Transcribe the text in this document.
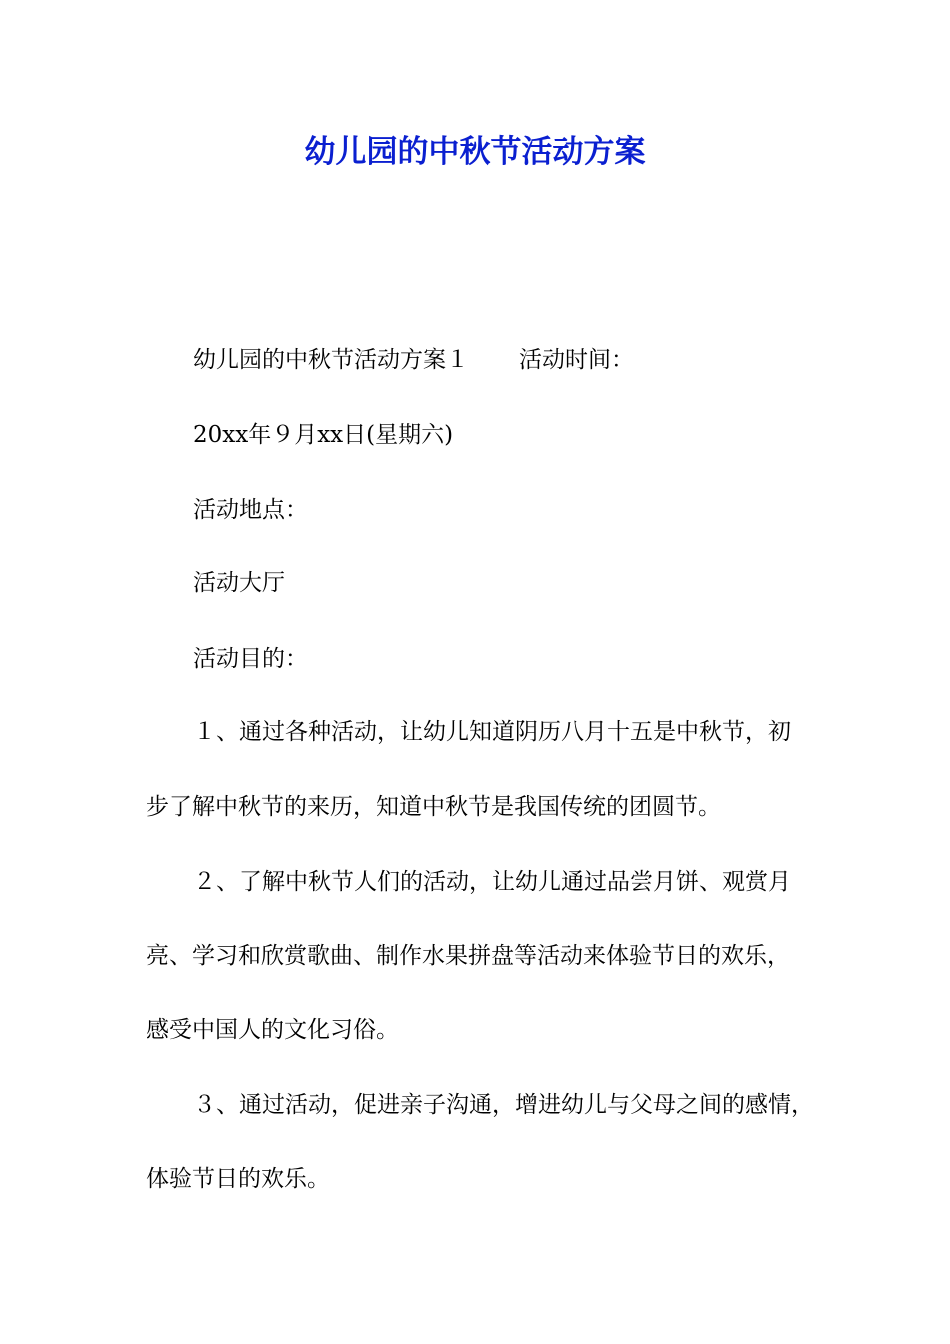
幼儿园的中秋节活动方案

幼儿园的中秋节活动方案１ 活动时间：

20xx年９月xx日(星期六)

活动地点：

活动大厅

活动目的：

１、通过各种活动，让幼儿知道阴历八月十五是中秋节，初

步了解中秋节的来历，知道中秋节是我国传统的团圆节。

２、了解中秋节人们的活动，让幼儿通过品尝月饼、观赏月

亮、学习和欣赏歌曲、制作水果拼盘等活动来体验节日的欢乐，

感受中国人的文化习俗。

３、通过活动，促进亲子沟通，增进幼儿与父母之间的感情，

体验节日的欢乐。
